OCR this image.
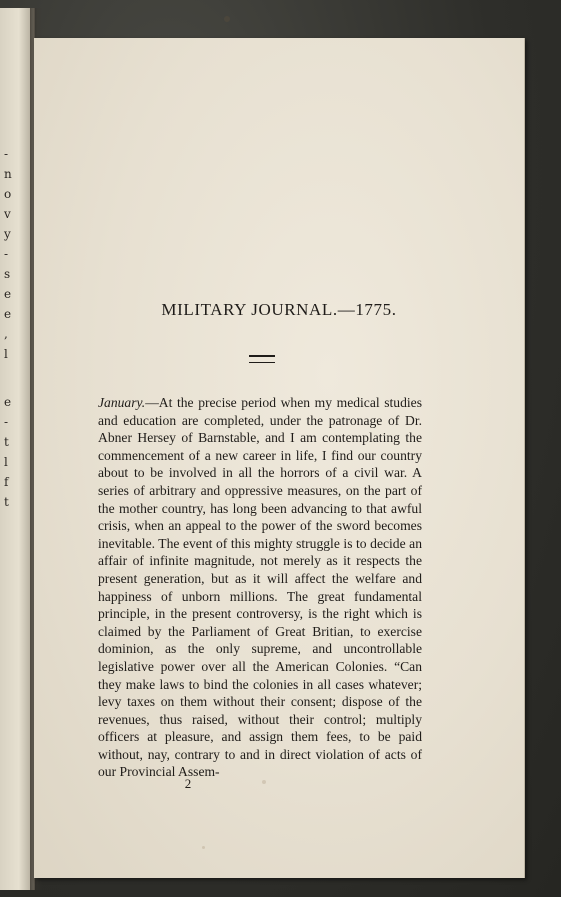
-
n
o
v
y
-
s
e
e
,
l
e
-
t
l
f
t
MILITARY JOURNAL.—1775.

January.—At the precise period when my medical studies and education are completed, under the patronage of Dr. Abner Hersey of Barnstable, and I am contemplating the commencement of a new career in life, I find our country about to be involved in all the horrors of a civil war. A series of arbitrary and oppressive measures, on the part of the mother country, has long been advancing to that awful crisis, when an appeal to the power of the sword becomes inevitable. The event of this mighty struggle is to decide an affair of infinite magnitude, not merely as it respects the present generation, but as it will affect the welfare and happiness of unborn millions. The great fundamental principle, in the present controversy, is the right which is claimed by the Parliament of Great Britian, to exercise dominion, as the only supreme, and uncontrollable legislative power over all the American Colonies. “Can they make laws to bind the colonies in all cases whatever; levy taxes on them without their consent; dispose of the revenues, thus raised, without their control; multiply officers at pleasure, and assign them fees, to be paid without, nay, contrary to and in direct violation of acts of our Provincial Assem-

2
